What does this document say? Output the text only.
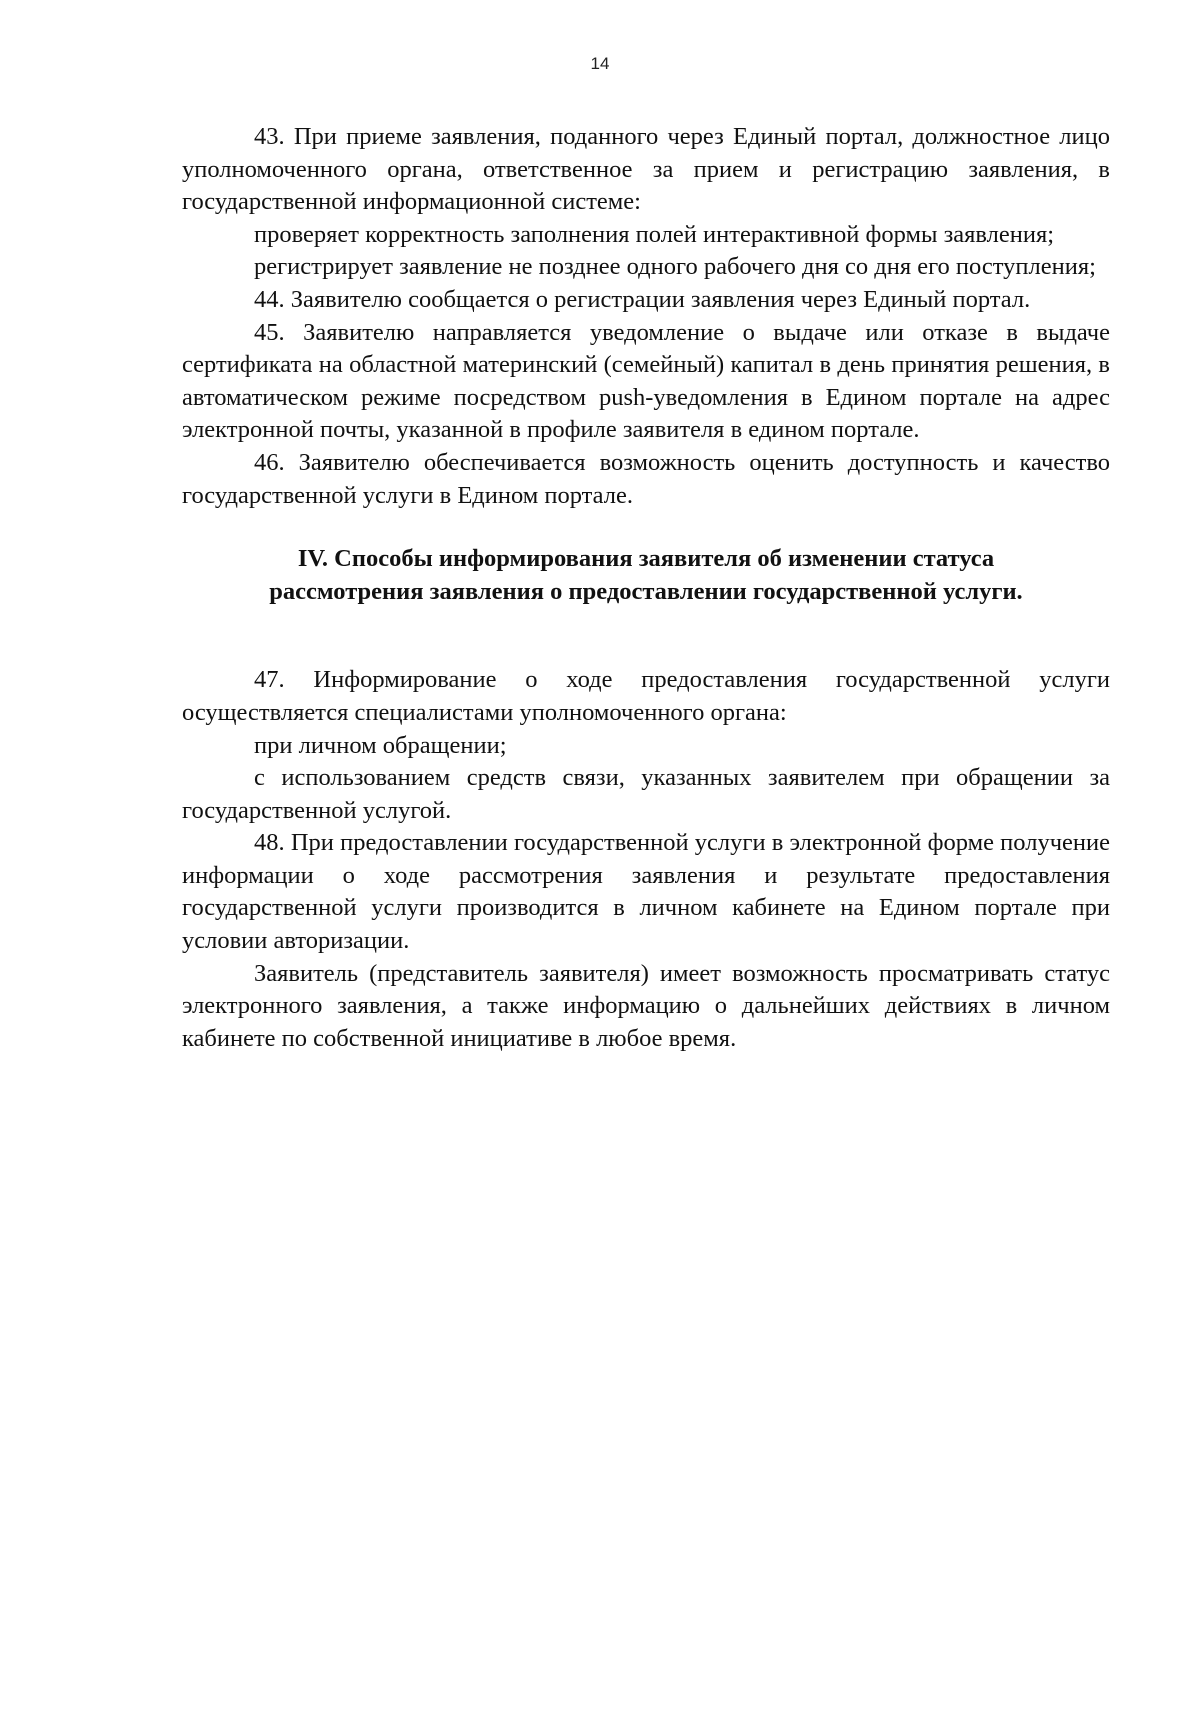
14

43. При приеме заявления, поданного через Единый портал, должностное лицо уполномоченного органа, ответственное за прием и регистрацию заявления, в государственной информационной системе:

проверяет корректность заполнения полей интерактивной формы заявления;

регистрирует заявление не позднее одного рабочего дня со дня его поступления;

44. Заявителю сообщается о регистрации заявления через Единый портал.

45. Заявителю направляется уведомление о выдаче или отказе в выдаче сертификата на областной материнский (семейный) капитал в день принятия решения, в автоматическом режиме посредством push-уведомления в Едином портале на адрес электронной почты, указанной в профиле заявителя в едином портале.

46. Заявителю обеспечивается возможность оценить доступность и качество государственной услуги в Едином портале.

IV. Способы информирования заявителя об изменении статуса
рассмотрения заявления о предоставлении государственной услуги.

47. Информирование о ходе предоставления государственной услуги осуществляется специалистами уполномоченного органа:

при личном обращении;

с использованием средств связи, указанных заявителем при обращении за государственной услугой.

48. При предоставлении государственной услуги в электронной форме получение информации о ходе рассмотрения заявления и результате предоставления государственной услуги производится в личном кабинете на Едином портале при условии авторизации.

Заявитель (представитель заявителя) имеет возможность просматривать статус электронного заявления, а также информацию о дальнейших действиях в личном кабинете по собственной инициативе в любое время.
